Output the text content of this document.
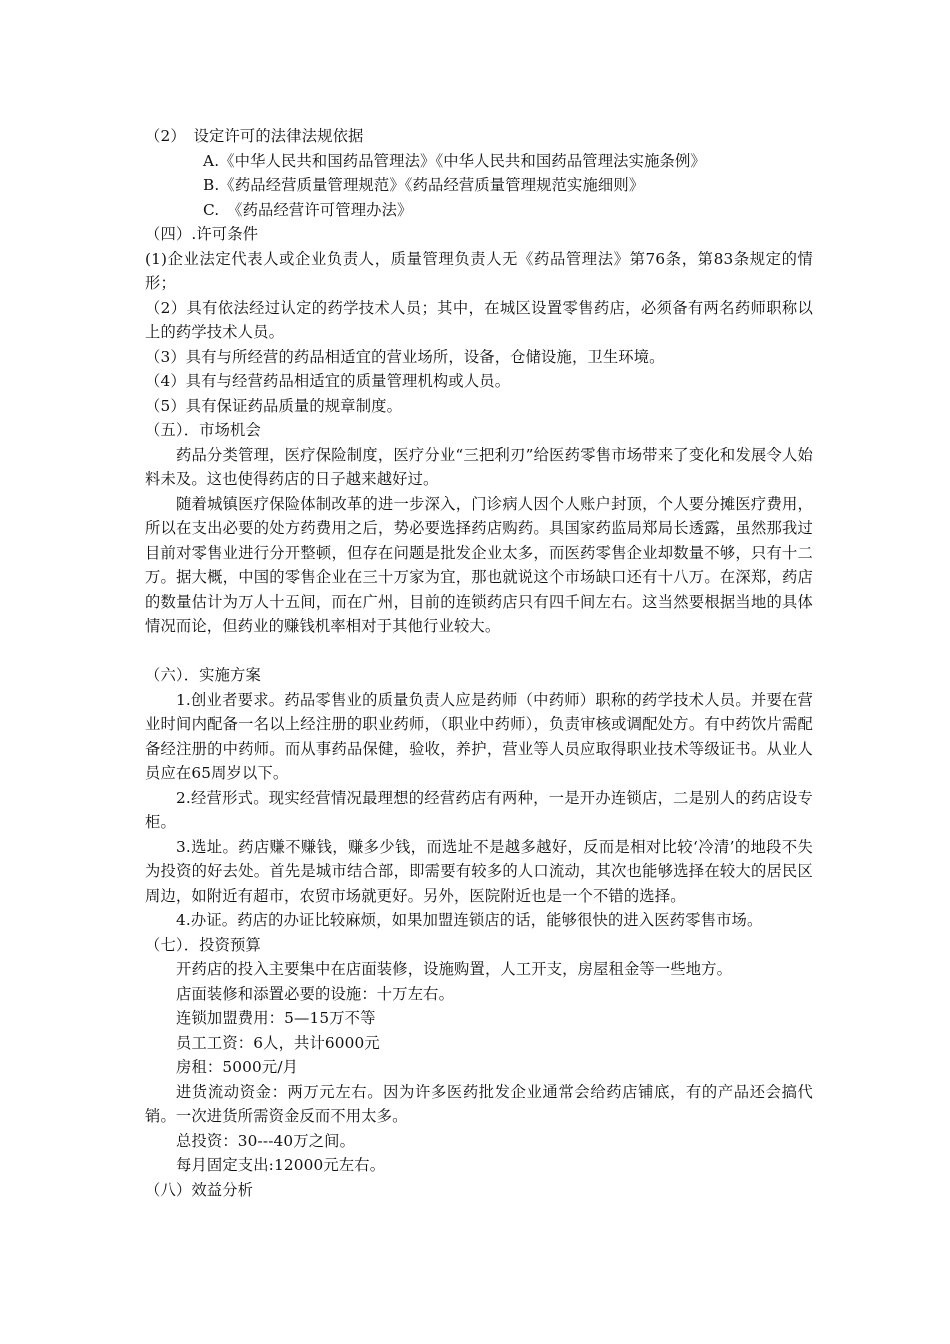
（2）　设定许可的法律法规依据

A.《中华人民共和国药品管理法》《中华人民共和国药品管理法实施条例》

B.《药品经营质量管理规范》《药品经营质量管理规范实施细则》

C.　《药品经营许可管理办法》

（四）.许可条件

(1)企业法定代表人或企业负责人，质量管理负责人无《药品管理法》第76条，第83条规定的情形；

（2）具有依法经过认定的药学技术人员；其中，在城区设置零售药店，必须备有两名药师职称以上的药学技术人员。

（3）具有与所经营的药品相适宜的营业场所，设备，仓储设施，卫生环境。

（4）具有与经营药品相适宜的质量管理机构或人员。

（5）具有保证药品质量的规章制度。

（五）．市场机会

药品分类管理，医疗保险制度，医疗分业“三把利刃”给医药零售市场带来了变化和发展令人始料未及。这也使得药店的日子越来越好过。

随着城镇医疗保险体制改革的进一步深入，门诊病人因个人账户封顶，个人要分摊医疗费用，所以在支出必要的处方药费用之后，势必要选择药店购药。具国家药监局郑局长透露，虽然那我过目前对零售业进行分开整顿，但存在问题是批发企业太多，而医药零售企业却数量不够，只有十二万。据大概，中国的零售企业在三十万家为宜，那也就说这个市场缺口还有十八万。在深郑，药店的数量估计为万人十五间，而在广州，目前的连锁药店只有四千间左右。这当然要根据当地的具体情况而论，但药业的赚钱机率相对于其他行业较大。

（六）．实施方案

1.创业者要求。药品零售业的质量负责人应是药师（中药师）职称的药学技术人员。并要在营业时间内配备一名以上经注册的职业药师，（职业中药师），负责审核或调配处方。有中药饮片需配备经注册的中药师。而从事药品保健，验收，养护，营业等人员应取得职业技术等级证书。从业人员应在65周岁以下。

2.经营形式。现实经营情况最理想的经营药店有两种，一是开办连锁店，二是别人的药店设专柜。

3.选址。药店赚不赚钱，赚多少钱，而选址不是越多越好，反而是相对比较‘冷清’的地段不失为投资的好去处。首先是城市结合部，即需要有较多的人口流动，其次也能够选择在较大的居民区周边，如附近有超市，农贸市场就更好。另外，医院附近也是一个不错的选择。

4.办证。药店的办证比较麻烦，如果加盟连锁店的话，能够很快的进入医药零售市场。

（七）．投资预算

开药店的投入主要集中在店面装修，设施购置，人工开支，房屋租金等一些地方。

店面装修和添置必要的设施：十万左右。

连锁加盟费用：5—15万不等

员工工资：6人，共计6000元

房租：5000元/月

进货流动资金：两万元左右。因为许多医药批发企业通常会给药店铺底，有的产品还会搞代销。一次进货所需资金反而不用太多。

总投资：30---40万之间。

每月固定支出:12000元左右。

（八）效益分析
